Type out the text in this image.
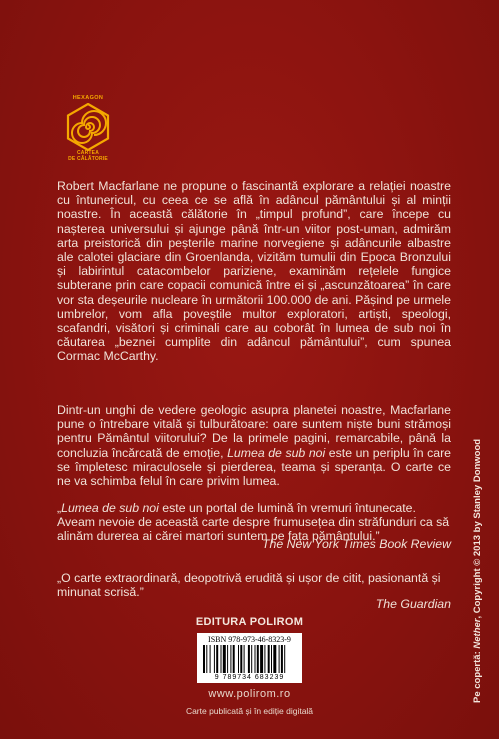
HEXAGON
CARTEA
DE CĂLĂTORIE
Robert Macfarlane ne propune o fascinantă explorare a relației noastre cu întunericul, cu ceea ce se află în adâncul pământului și al minții noastre. În această călătorie în „timpul profund”, care începe cu nașterea universului și ajunge până într-un viitor post-uman, admirăm arta preistorică din peșterile marine norvegiene și adâncurile albastre ale calotei glaciare din Groenlanda, vizităm tumulii din Epoca Bronzului și labirintul catacombelor pariziene, examinăm rețelele fungice subterane prin care copacii comunică între ei și „ascunzătoarea” în care vor sta deșeurile nucleare în următorii 100.000 de ani. Pășind pe urmele umbrelor, vom afla poveștile multor exploratori, artiști, speologi, scafandri, visători și criminali care au coborât în lumea de sub noi în căutarea „beznei cumplite din adâncul pământului”, cum spunea Cormac McCarthy.
Dintr-un unghi de vedere geologic asupra planetei noastre, Macfarlane pune o întrebare vitală și tulburătoare: oare suntem niște buni strămoși pentru Pământul viitorului? De la primele pagini, remarcabile, până la concluzia încărcată de emoție, Lumea de sub noi este un periplu în care se împletesc miraculosele și pierderea, teama și speranța. O carte ce ne va schimba felul în care privim lumea.
„Lumea de sub noi este un portal de lumină în vremuri întunecate. Aveam nevoie de această carte despre frumusețea din străfunduri ca să alinăm durerea ai cărei martori suntem pe fața pământului.”
The New York Times Book Review
„O carte extraordinară, deopotrivă erudită și ușor de citit, pasionantă și minunat scrisă.”
The Guardian
EDITURA POLIROM
ISBN 978-973-46-8323-9
9 789734 683239
www.polirom.ro
Carte publicată și în ediție digitală
Pe copertă: Nether, Copyright © 2013 by Stanley Donwood
